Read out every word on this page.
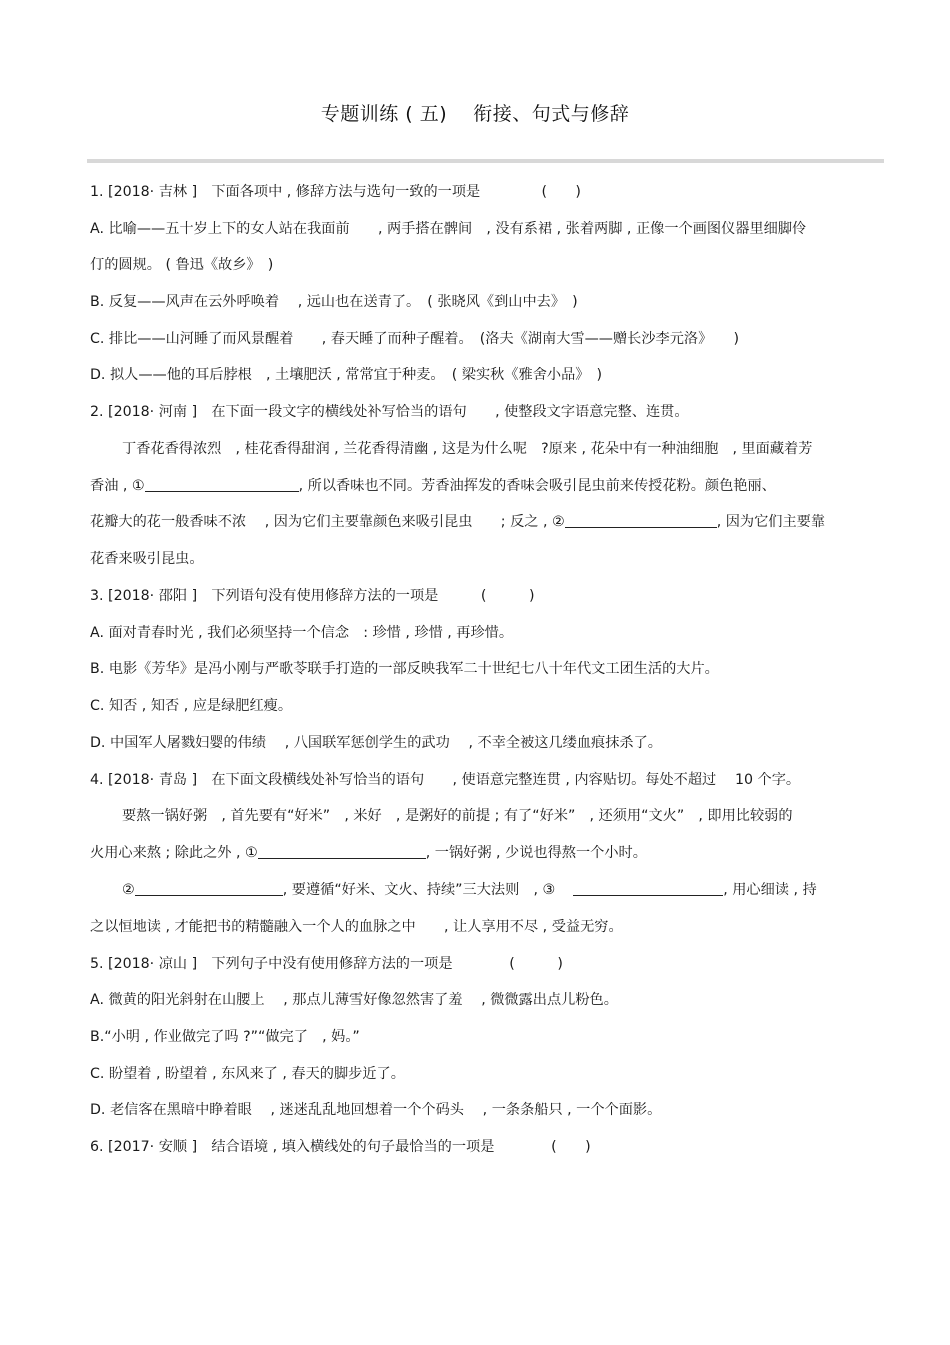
专题训练 ( 五)　 衔接、句式与修辞
1. [2018· 吉林 ]　下面各项中 , 修辞方法与选句一致的一项是　　　　 (　　)
A. 比喻——五十岁上下的女人站在我面前　　, 两手搭在髀间　, 没有系裙 , 张着两脚 , 正像一个画图仪器里细脚伶
仃的圆规。 ( 鲁迅《故乡》　)
B. 反复——风声在云外呼唤着　 , 远山也在送青了。　( 张晓风《到山中去》　)
C. 排比——山河睡了而风景醒着　　, 春天睡了而种子醒着。　(洛夫《湖南大雪——赠长沙李元洛》　　)
D. 拟人——他的耳后脖根　, 土壤肥沃 , 常常宜于种麦。　( 梁实秋《雅舍小品》　)
2. [2018· 河南 ]　在下面一段文字的横线处补写恰当的语句　　, 使整段文字语意完整、连贯。
丁香花香得浓烈　, 桂花香得甜润 , 兰花香得清幽 , 这是为什么呢　?原来 , 花朵中有一种油细胞　, 里面藏着芳
香油 , ①	, 所以香味也不同。芳香油挥发的香味会吸引昆虫前来传授花粉。颜色艳丽、
花瓣大的花一般香味不浓　 , 因为它们主要靠颜色来吸引昆虫　　; 反之 , ②	, 因为它们主要靠
花香来吸引昆虫。
3. [2018· 邵阳 ]　下列语句没有使用修辞方法的一项是　　　(　　　)
A. 面对青春时光 , 我们必须坚持一个信念　: 珍惜 , 珍惜 , 再珍惜。
B. 电影《芳华》是冯小刚与严歌苓联手打造的一部反映我军二十世纪七八十年代文工团生活的大片。
C. 知否 , 知否 , 应是绿肥红瘦。
D. 中国军人屠戮妇婴的伟绩　 , 八国联军惩创学生的武功　 , 不幸全被这几缕血痕抹杀了。
4. [2018· 青岛 ]　在下面文段横线处补写恰当的语句　　, 使语意完整连贯 , 内容贴切。每处不超过　 10 个字。
要熬一锅好粥　, 首先要有“好米”　, 米好　, 是粥好的前提 ; 有了“好米”　, 还须用“文火”　, 即用比较弱的
火用心来熬 ; 除此之外 , ①	, 一锅好粥 , 少说也得熬一个小时。
②	, 要遵循“好米、文火、持续”三大法则　, ③	, 用心细读 , 持
之以恒地读 , 才能把书的精髓融入一个人的血脉之中　　, 让人享用不尽 , 受益无穷。
5. [2018· 凉山 ]　下列句子中没有使用修辞方法的一项是　　　　(　　　)
A. 微黄的阳光斜射在山腰上　 , 那点儿薄雪好像忽然害了羞　 , 微微露出点儿粉色。
B.“小明 , 作业做完了吗 ?”“做完了　, 妈。”
C. 盼望着 , 盼望着 , 东风来了 , 春天的脚步近了。
D. 老信客在黑暗中睁着眼　 , 迷迷乱乱地回想着一个个码头　 , 一条条船只 , 一个个面影。
6. [2017· 安顺 ]　结合语境 , 填入横线处的句子最恰当的一项是　　　　(　　)
